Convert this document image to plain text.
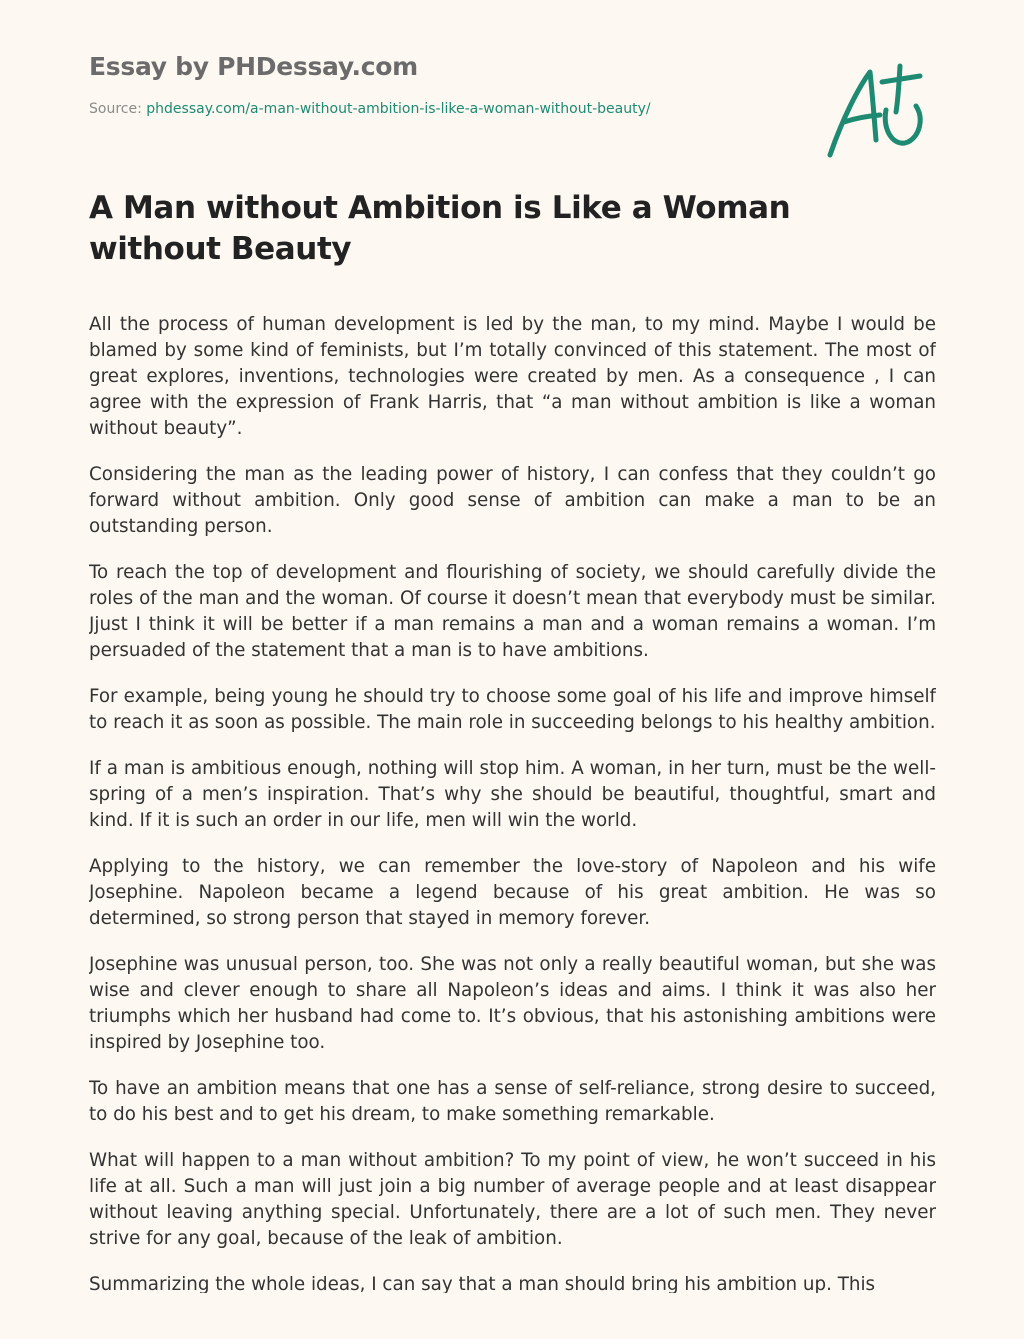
Essay by PHDessay.com
Source: phdessay.com/a-man-without-ambition-is-like-a-woman-without-beauty/
A Man without Ambition is Like a Woman without Beauty

All the process of human development is led by the man, to my mind. Maybe I would be blamed by some kind of feminists, but I’m totally convinced of this statement. The most of great explores, inventions, technologies were created by men. As a consequence , I can agree with the expression of Frank Harris, that “a man without ambition is like a woman without beauty”.

Considering the man as the leading power of history, I can confess that they couldn’t go forward without ambition. Only good sense of ambition can make a man to be an outstanding person.

To reach the top of development and flourishing of society, we should carefully divide the roles of the man and the woman. Of course it doesn’t mean that everybody must be similar. Jjust I think it will be better if a man remains a man and a woman remains a woman. I’m persuaded of the statement that a man is to have ambitions.

For example, being young he should try to choose some goal of his life and improve himself to reach it as soon as possible. The main role in succeeding belongs to his healthy ambition.

If a man is ambitious enough, nothing will stop him. A woman, in her turn, must be the well-spring of a men’s inspiration. That’s why she should be beautiful, thoughtful, smart and kind. If it is such an order in our life, men will win the world.

Applying to the history, we can remember the love-story of Napoleon and his wife Josephine. Napoleon became a legend because of his great ambition. He was so determined, so strong person that stayed in memory forever.

Josephine was unusual person, too. She was not only a really beautiful woman, but she was wise and clever enough to share all Napoleon’s ideas and aims. I think it was also her triumphs which her husband had come to. It’s obvious, that his astonishing ambitions were inspired by Josephine too.

To have an ambition means that one has a sense of self-reliance, strong desire to succeed, to do his best and to get his dream, to make something remarkable.

What will happen to a man without ambition? To my point of view, he won’t succeed in his life at all. Such a man will just join a big number of average people and at least disappear without leaving anything special. Unfortunately, there are a lot of such men. They never strive for any goal, because of the leak of ambition.

Summarizing the whole ideas, I can say that a man should bring his ambition up. This
